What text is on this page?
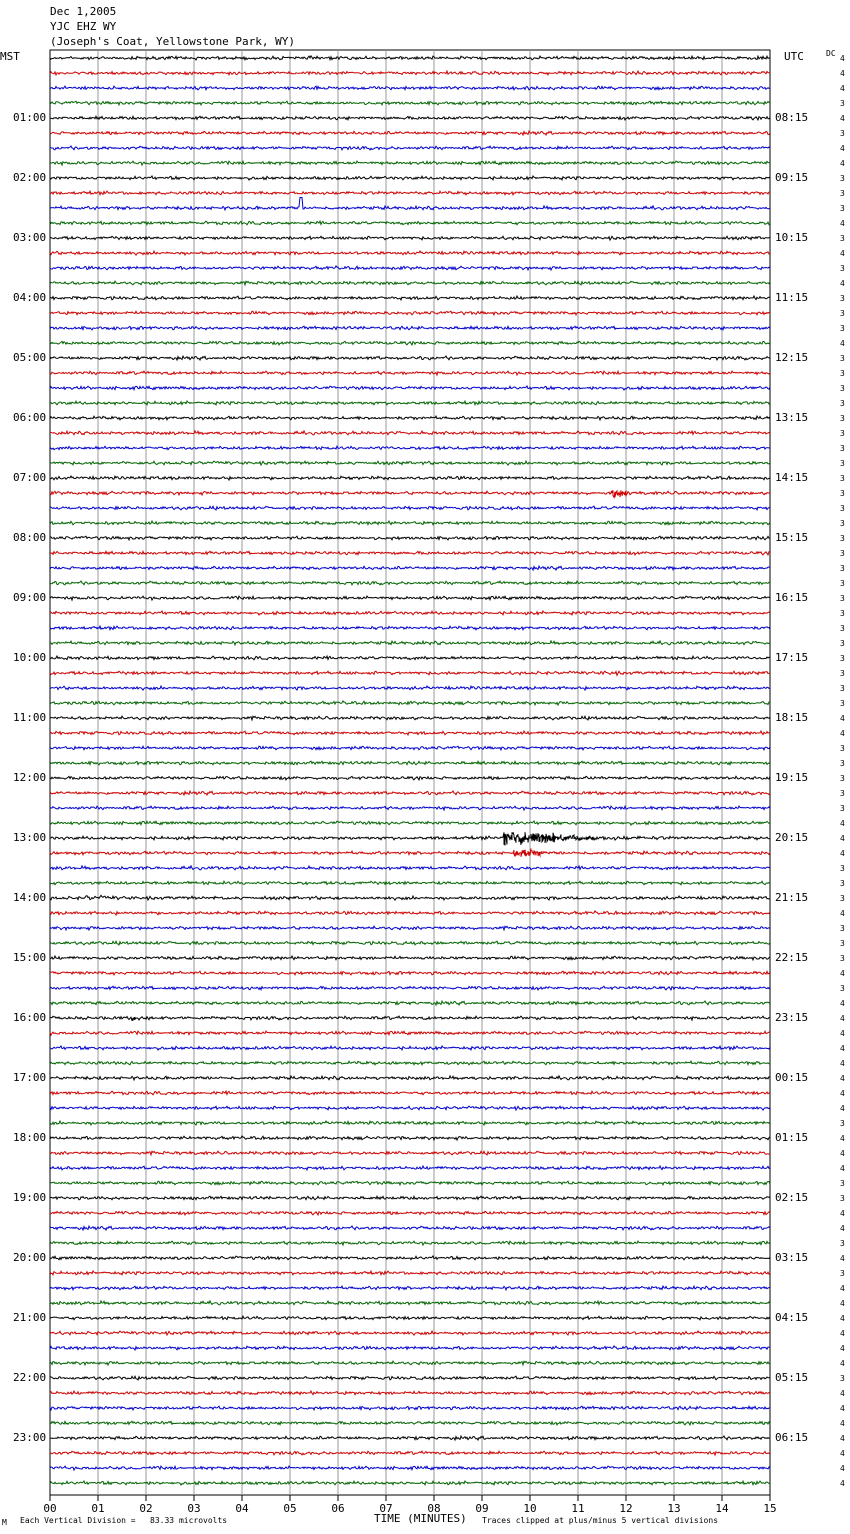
00	01	02	03	04	05	06	07	08	09	10	11	12	13	14	15
Dec 1,2005
YJC EHZ WY
(Joseph's Coat, Yellowstone Park, WY)
MST	UTC	DC
01:00
02:00
03:00
04:00
05:00
06:00
07:00
08:00
09:00
10:00
11:00
12:00
13:00
14:00
15:00
16:00
17:00
18:00
19:00
20:00
21:00
22:00
23:00
08:15
09:15
10:15
11:15
12:15
13:15
14:15
15:15
16:15
17:15
18:15
19:15
20:15
21:15
22:15
23:15
00:15
01:15
02:15
03:15
04:15
05:15
06:15
4
4
4
3
4
3
4
4
3
3
3
4
3
4
3
4
3
3
3
4
3
3
3
3
3
3
3
3
3
3
3
3
3
3
3
3
3
3
3
3
3
3
3
3
4
4
3
3
3
3
3
4
4
4
3
3
3
4
3
3
3
4
3
4
4
4
4
4
4
4
4
3
4
4
4
3
3
4
4
3
4
3
4
4
4
4
4
4
3
4
4
4
4
4
4
4
M Each Vertical Division =   83.33 microvolts	TIME (MINUTES) Traces clipped at plus/minus 5 vertical divisions
